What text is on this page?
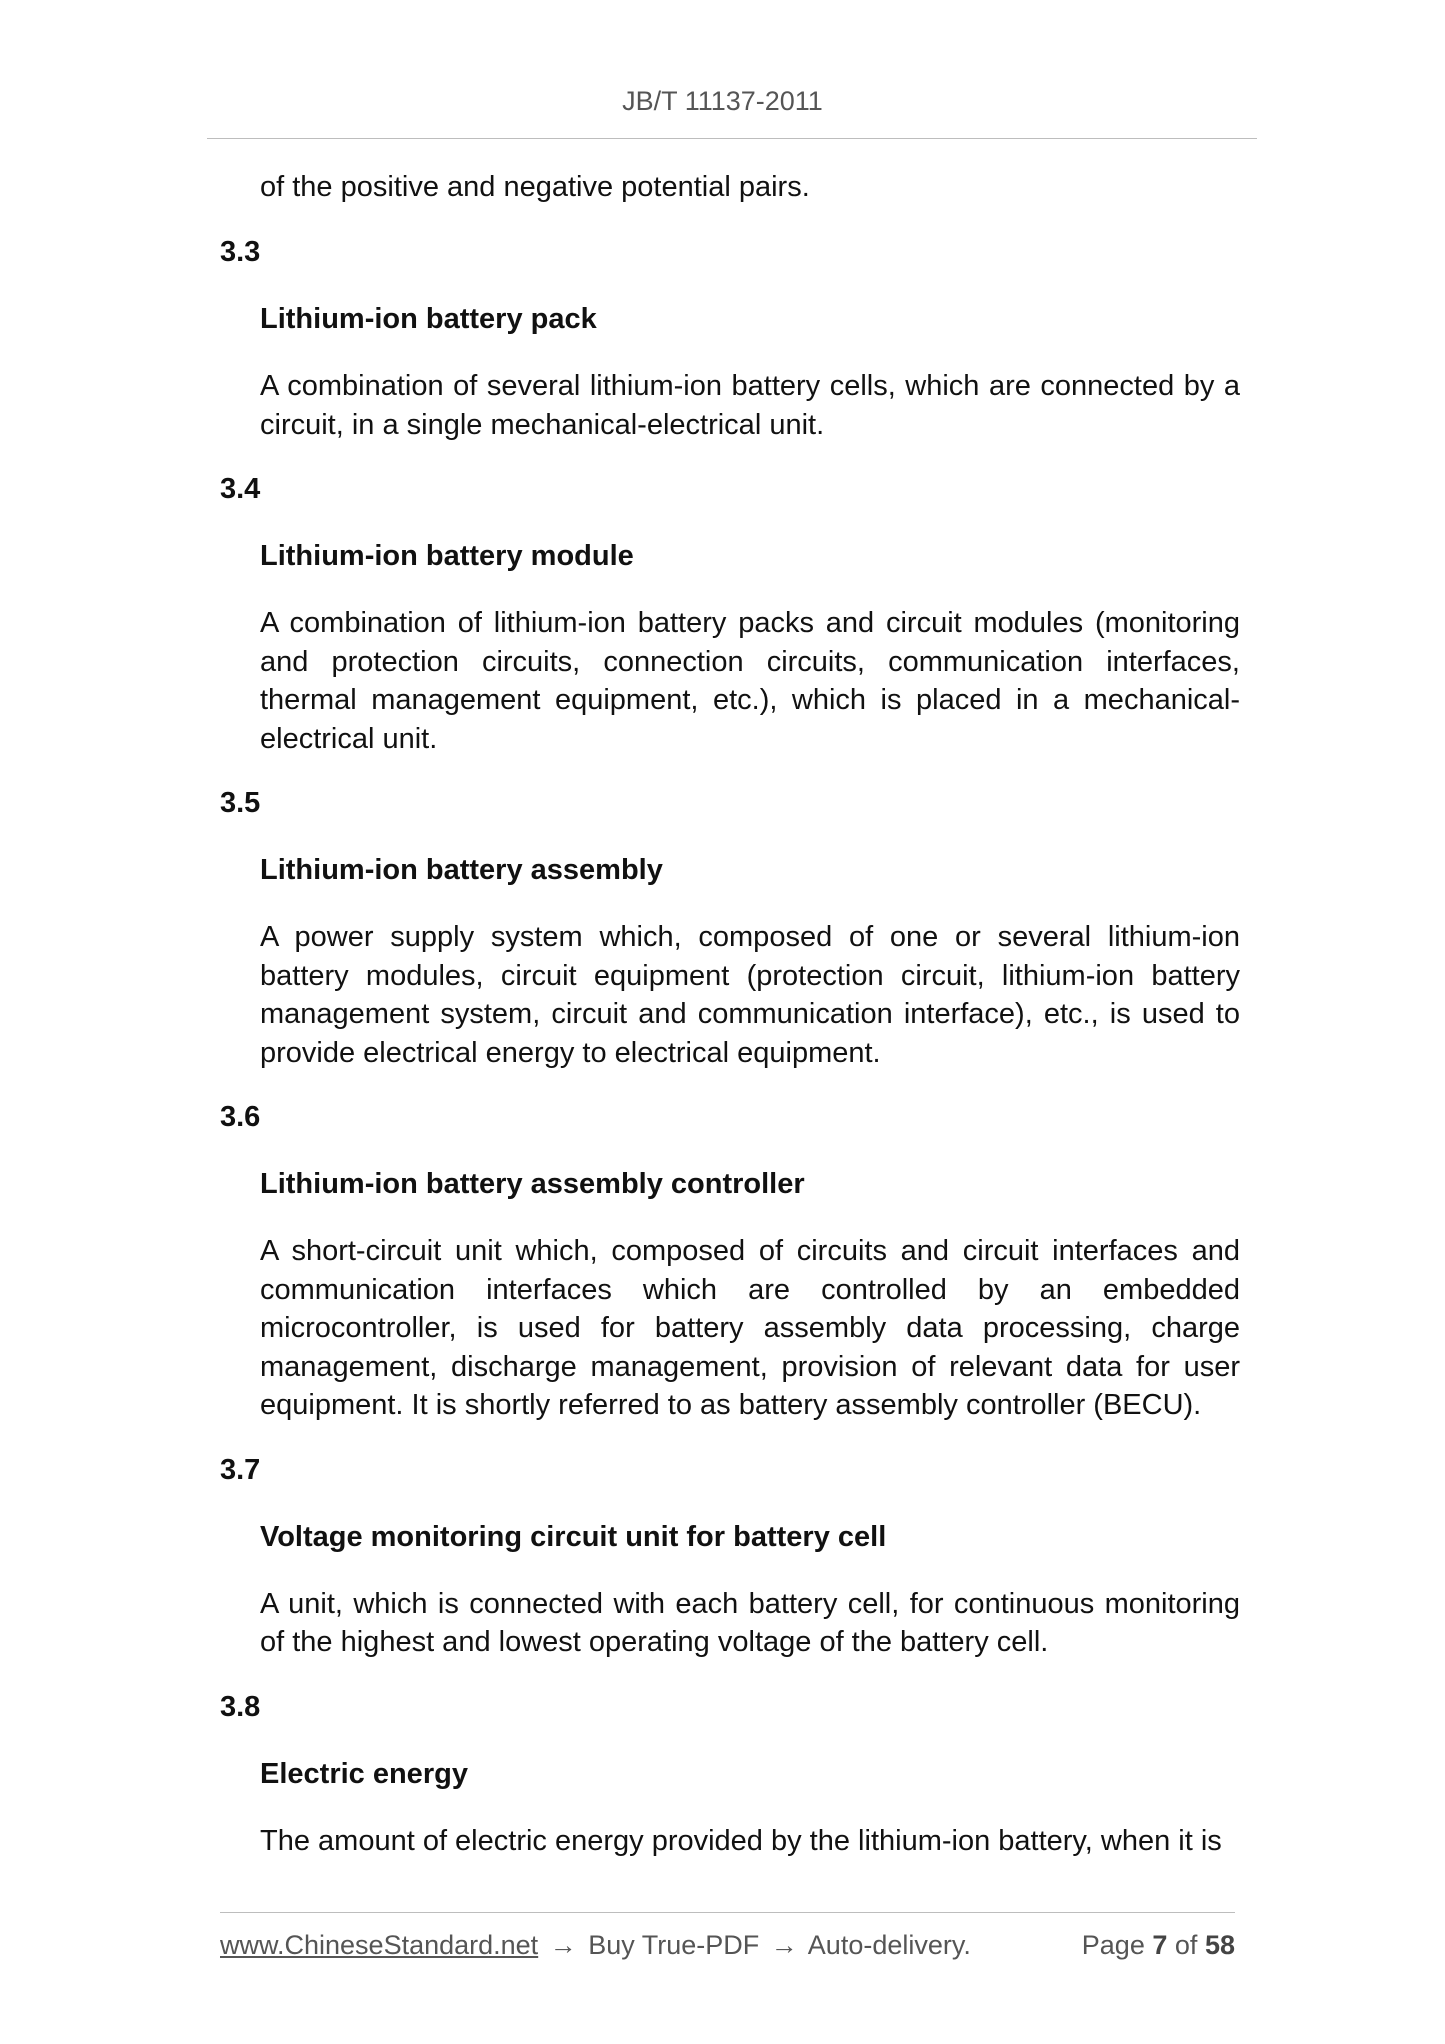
JB/T 11137-2011

of the positive and negative potential pairs.

3.3

Lithium-ion battery pack

A combination of several lithium-ion battery cells, which are connected by a circuit, in a single mechanical-electrical unit.

3.4

Lithium-ion battery module

A combination of lithium-ion battery packs and circuit modules (monitoring and protection circuits, connection circuits, communication interfaces, thermal management equipment, etc.), which is placed in a mechanical-electrical unit.

3.5

Lithium-ion battery assembly

A power supply system which, composed of one or several lithium-ion battery modules, circuit equipment (protection circuit, lithium-ion battery management system, circuit and communication interface), etc., is used to provide electrical energy to electrical equipment.

3.6

Lithium-ion battery assembly controller

A short-circuit unit which, composed of circuits and circuit interfaces and communication interfaces which are controlled by an embedded microcontroller, is used for battery assembly data processing, charge management, discharge management, provision of relevant data for user equipment. It is shortly referred to as battery assembly controller (BECU).

3.7

Voltage monitoring circuit unit for battery cell

A unit, which is connected with each battery cell, for continuous monitoring of the highest and lowest operating voltage of the battery cell.

3.8

Electric energy

The amount of electric energy provided by the lithium-ion battery, when it is

www.ChineseStandard.net → Buy True-PDF → Auto-delivery.	Page 7 of 58
